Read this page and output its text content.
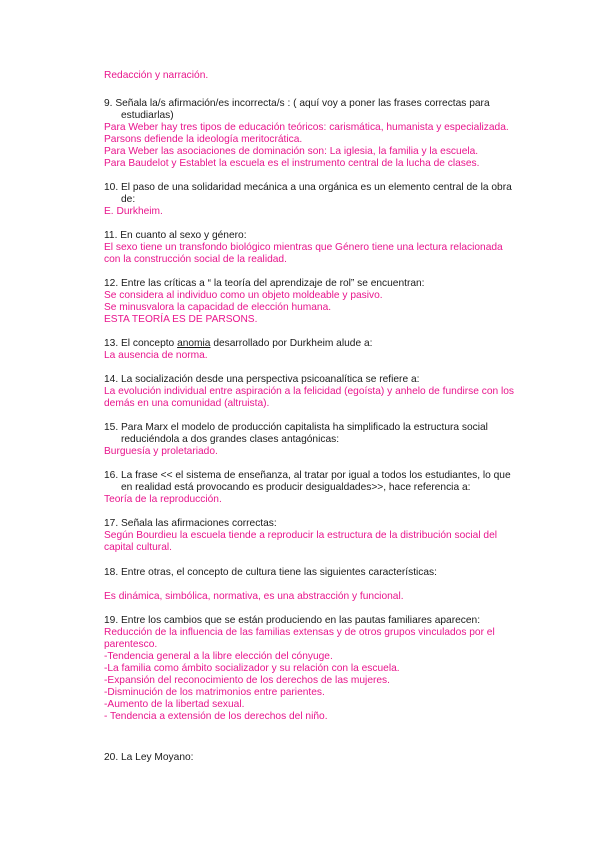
Redacción y narración.
9. Señala la/s afirmación/es incorrecta/s : ( aquí voy a poner las frases correctas para
estudiarlas)
Para Weber hay tres tipos de educación teóricos: carismática, humanista y especializada.
Parsons defiende la ideología meritocrática.
Para Weber las asociaciones de dominación son: La iglesia, la familia y la escuela.
Para Baudelot y Establet la escuela es el instrumento central de la lucha de clases.
10. El paso de una solidaridad mecánica a una orgánica es un elemento central de la obra
de:
E. Durkheim.
11. En cuanto al sexo y género:
El sexo tiene un transfondo biológico mientras que Género tiene una lectura relacionada
con la construcción social de la realidad.
12. Entre las críticas a “ la teoría del aprendizaje de rol” se encuentran:
Se considera al individuo como un objeto moldeable y pasivo.
Se minusvalora la capacidad de elección humana.
ESTA TEORÍA ES DE PARSONS.
13. El concepto anomia desarrollado por Durkheim alude a:
La ausencia de norma.
14. La socialización desde una perspectiva psicoanalítica se refiere a:
La evolución individual entre aspiración a la felicidad (egoísta) y anhelo de fundirse con los
demás en una comunidad (altruista).
15. Para Marx el modelo de producción capitalista ha simplificado la estructura social
reduciéndola a dos grandes clases antagónicas:
Burguesía y proletariado.
16. La frase << el sistema de enseñanza, al tratar por igual a todos los estudiantes, lo que
en realidad está provocando es producir desigualdades>>, hace referencia a:
Teoría de la reproducción.
17. Señala las afirmaciones correctas:
Según Bourdieu la escuela tiende a reproducir la estructura de la distribución social del
capital cultural.
18. Entre otras, el concepto de cultura tiene las siguientes características:
Es dinámica, simbólica, normativa, es una abstracción y funcional.
19. Entre los cambios que se están produciendo en las pautas familiares aparecen:
Reducción de la influencia de las familias extensas y de otros grupos vinculados por el
parentesco.
-Tendencia general a la libre elección del cónyuge.
-La familia como ámbito socializador y su relación con la escuela.
-Expansión del reconocimiento de los derechos de las mujeres.
-Disminución de los matrimonios entre parientes.
-Aumento de la libertad sexual.
- Tendencia a extensión de los derechos del niño.
20. La Ley Moyano:
